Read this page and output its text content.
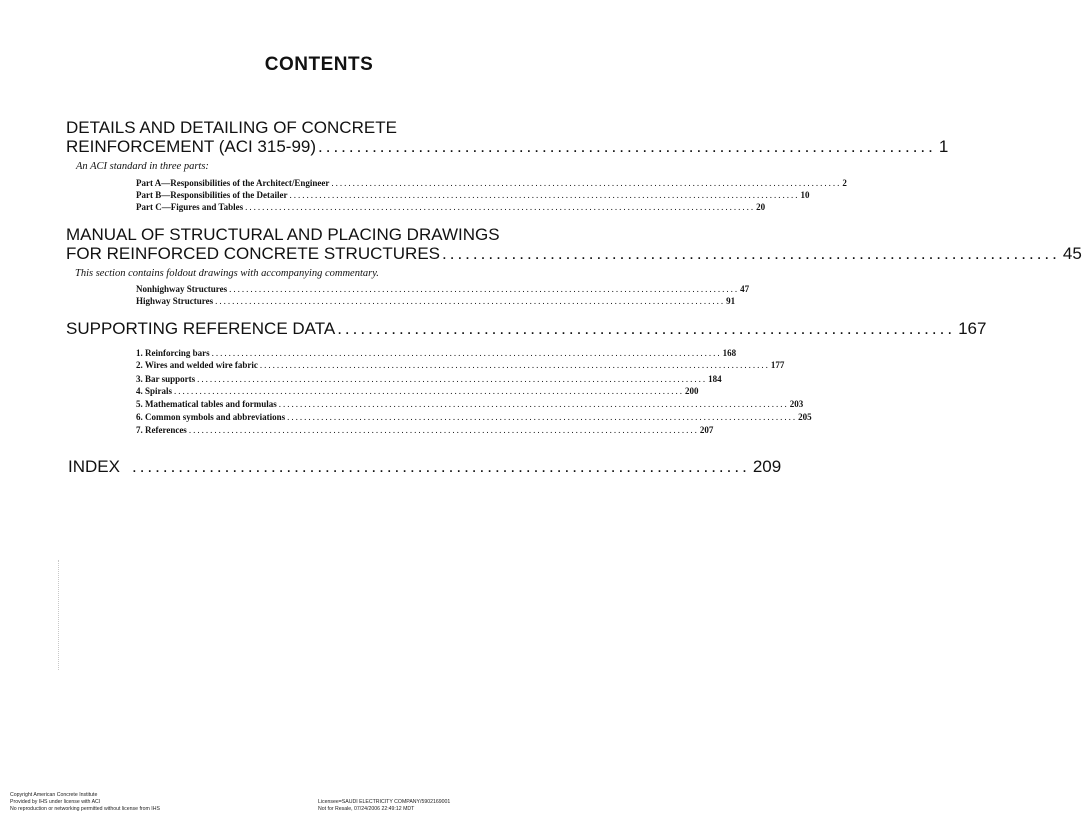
CONTENTS
DETAILS AND DETAILING OF CONCRETE
REINFORCEMENT (ACI 315-99) ................................................................................ 1
An ACI standard in three parts:
Part A—Responsibilities of the Architect/Engineer ........................................................................................................................ 2
Part B—Responsibilities of the Detailer ........................................................................................................................ 10
Part C—Figures and Tables ........................................................................................................................ 20
MANUAL OF STRUCTURAL AND PLACING DRAWINGS
FOR REINFORCED CONCRETE STRUCTURES ................................................................................ 45
This section contains foldout drawings with accompanying commentary.
Nonhighway Structures ........................................................................................................................ 47
Highway Structures ........................................................................................................................ 91
SUPPORTING REFERENCE DATA ................................................................................ 167
1. Reinforcing bars ........................................................................................................................ 168
2. Wires and welded wire fabric ........................................................................................................................ 177
3. Bar supports ........................................................................................................................ 184
4. Spirals ........................................................................................................................ 200
5. Mathematical tables and formulas ........................................................................................................................ 203
6. Common symbols and abbreviations ........................................................................................................................ 205
7. References ........................................................................................................................ 207
INDEX ................................................................................ 209
Copyright American Concrete Institute
Provided by IHS under license with ACI
No reproduction or networking permitted without license from IHS
Licensee=SAUDI ELECTRICITY COMPANY/5902169001
Not for Resale, 07/24/2006 22:49:12 MDT
